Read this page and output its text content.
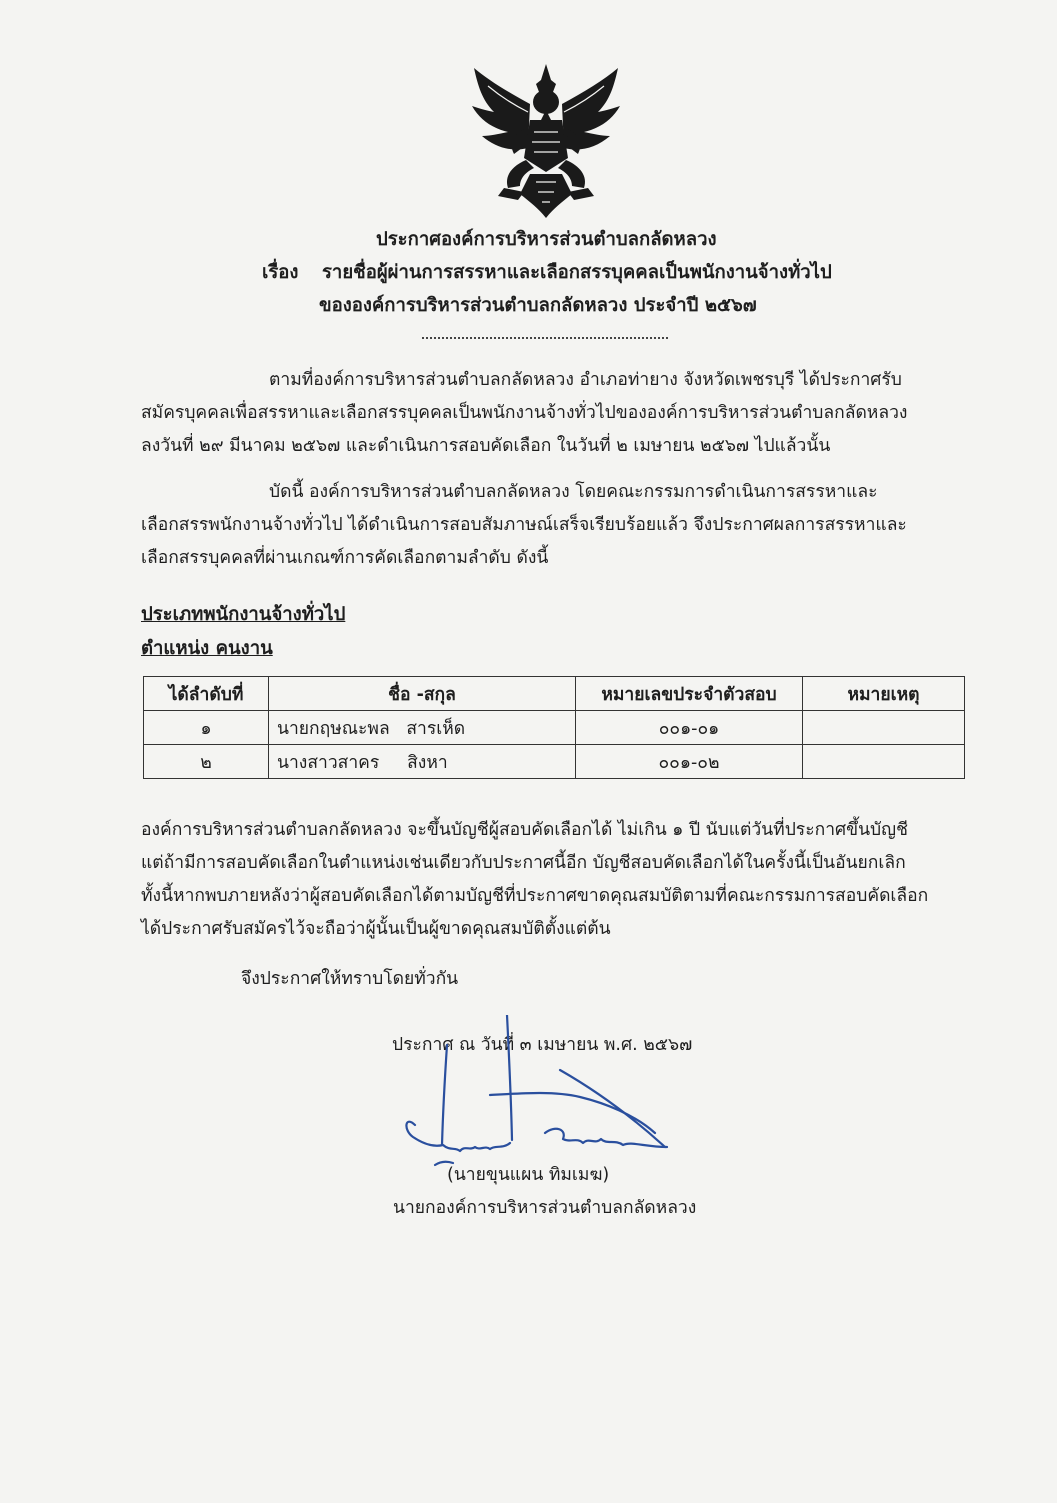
ประกาศองค์การบริหารส่วนตำบลกลัดหลวง
เรื่อง รายชื่อผู้ผ่านการสรรหาและเลือกสรรบุคคลเป็นพนักงานจ้างทั่วไป
ขององค์การบริหารส่วนตำบลกลัดหลวง ประจำปี ๒๕๖๗
ตามที่องค์การบริหารส่วนตำบลกลัดหลวง อำเภอท่ายาง จังหวัดเพชรบุรี ได้ประกาศรับ
สมัครบุคคลเพื่อสรรหาและเลือกสรรบุคคลเป็นพนักงานจ้างทั่วไปขององค์การบริหารส่วนตำบลกลัดหลวง
ลงวันที่ ๒๙ มีนาคม ๒๕๖๗ และดำเนินการสอบคัดเลือก ในวันที่ ๒ เมษายน ๒๕๖๗ ไปแล้วนั้น
บัดนี้ องค์การบริหารส่วนตำบลกลัดหลวง โดยคณะกรรมการดำเนินการสรรหาและ
เลือกสรรพนักงานจ้างทั่วไป ได้ดำเนินการสอบสัมภาษณ์เสร็จเรียบร้อยแล้ว จึงประกาศผลการสรรหาและ
เลือกสรรบุคคลที่ผ่านเกณฑ์การคัดเลือกตามลำดับ ดังนี้
ประเภทพนักงานจ้างทั่วไป
ตำแหน่ง คนงาน
ได้ลำดับที่	ชื่อ -สกุล	หมายเลขประจำตัวสอบ	หมายเหตุ
๑	นายกฤษณะพล   สารเห็ด	๐๐๑-๐๑	
๒	นางสาวสาคร     สิงหา	๐๐๑-๐๒	
องค์การบริหารส่วนตำบลกลัดหลวง จะขึ้นบัญชีผู้สอบคัดเลือกได้ ไม่เกิน ๑ ปี นับแต่วันที่ประกาศขึ้นบัญชี
แต่ถ้ามีการสอบคัดเลือกในตำแหน่งเช่นเดียวกับประกาศนี้อีก บัญชีสอบคัดเลือกได้ในครั้งนี้เป็นอันยกเลิก
ทั้งนี้หากพบภายหลังว่าผู้สอบคัดเลือกได้ตามบัญชีที่ประกาศขาดคุณสมบัติตามที่คณะกรรมการสอบคัดเลือก
ได้ประกาศรับสมัครไว้จะถือว่าผู้นั้นเป็นผู้ขาดคุณสมบัติตั้งแต่ต้น
จึงประกาศให้ทราบโดยทั่วกัน
ประกาศ ณ วันที่ ๓ เมษายน พ.ศ. ๒๕๖๗
(นายขุนแผน ทิมเมฆ)
นายกองค์การบริหารส่วนตำบลกลัดหลวง
